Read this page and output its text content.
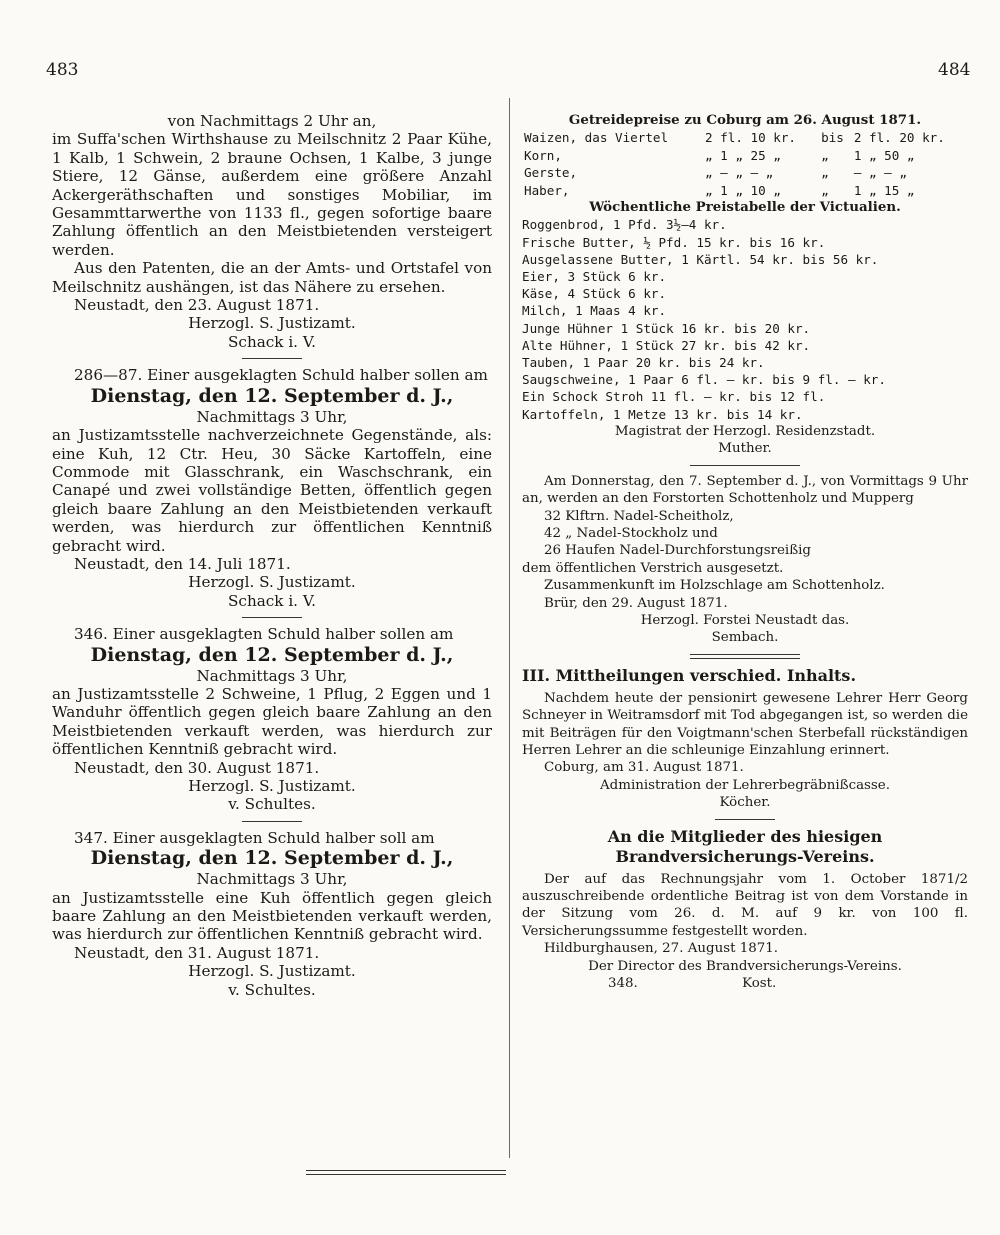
483	484

von Nachmittags 2 Uhr an,

im Suffa'schen Wirthshause zu Meilschnitz 2 Paar Kühe, 1 Kalb, 1 Schwein, 2 braune Ochsen, 1 Kalbe, 3 junge Stiere, 12 Gänse, außerdem eine größere Anzahl Ackergeräthschaften und sonstiges Mobiliar, im Gesammttarwerthe von 1133 fl., gegen sofortige baare Zahlung öffentlich an den Meistbietenden versteigert werden.

Aus den Patenten, die an der Amts- und Ortstafel von Meilschnitz aushängen, ist das Nähere zu ersehen.

Neustadt, den 23. August 1871.

Herzogl. S. Justizamt.

Schack i. V.

286—87. Einer ausgeklagten Schuld halber sollen am

Dienstag, den 12. September d. J.,

Nachmittags 3 Uhr,

an Justizamtsstelle nachverzeichnete Gegenstände, als: eine Kuh, 12 Ctr. Heu, 30 Säcke Kartoffeln, eine Commode mit Glasschrank, ein Waschschrank, ein Canapé und zwei vollständige Betten, öffentlich gegen gleich baare Zahlung an den Meistbietenden verkauft werden, was hierdurch zur öffentlichen Kenntniß gebracht wird.

Neustadt, den 14. Juli 1871.

Herzogl. S. Justizamt.

Schack i. V.

346. Einer ausgeklagten Schuld halber sollen am

Dienstag, den 12. September d. J.,

Nachmittags 3 Uhr,

an Justizamtsstelle 2 Schweine, 1 Pflug, 2 Eggen und 1 Wanduhr öffentlich gegen gleich baare Zahlung an den Meistbietenden verkauft werden, was hierdurch zur öffentlichen Kenntniß gebracht wird.

Neustadt, den 30. August 1871.

Herzogl. S. Justizamt.

v. Schultes.

347. Einer ausgeklagten Schuld halber soll am

Dienstag, den 12. September d. J.,

Nachmittags 3 Uhr,

an Justizamtsstelle eine Kuh öffentlich gegen gleich baare Zahlung an den Meistbietenden verkauft werden, was hierdurch zur öffentlichen Kenntniß gebracht wird.

Neustadt, den 31. August 1871.

Herzogl. S. Justizamt.

v. Schultes.

Getreidepreise zu Coburg am 26. August 1871.

Waizen, das Viertel	2 fl. 10 kr.	bis	2 fl. 20 kr.
Korn,	„ 1 „ 25 „	„	1 „ 50 „
Gerste,	„ — „ — „	„	— „ — „
Haber,	„ 1 „ 10 „	„	1 „ 15 „

Wöchentliche Preistabelle der Victualien.

Roggenbrod, 1 Pfd. 3½—4 kr.

Frische Butter, ½ Pfd. 15 kr. bis 16 kr.

Ausgelassene Butter, 1 Kärtl. 54 kr. bis 56 kr.

Eier, 3 Stück 6 kr.

Käse, 4 Stück 6 kr.

Milch, 1 Maas 4 kr.

Junge Hühner 1 Stück 16 kr. bis 20 kr.

Alte Hühner, 1 Stück 27 kr. bis 42 kr.

Tauben, 1 Paar 20 kr. bis 24 kr.

Saugschweine, 1 Paar 6 fl. — kr. bis 9 fl. — kr.

Ein Schock Stroh 11 fl. — kr. bis 12 fl.

Kartoffeln, 1 Metze 13 kr. bis 14 kr.

Magistrat der Herzogl. Residenzstadt.

Muther.

Am Donnerstag, den 7. September d. J., von Vormittags 9 Uhr an, werden an den Forstorten Schottenholz und Mupperg

32 Klftrn. Nadel-Scheitholz,

42 „ Nadel-Stockholz und

26 Haufen Nadel-Durchforstungsreißig

dem öffentlichen Verstrich ausgesetzt.

Zusammenkunft im Holzschlage am Schottenholz.

Brür, den 29. August 1871.

Herzogl. Forstei Neustadt das.

Sembach.

III. Mittheilungen verschied. Inhalts.

Nachdem heute der pensionirt gewesene Lehrer Herr Georg Schneyer in Weitramsdorf mit Tod abgegangen ist, so werden die mit Beiträgen für den Voigtmann'schen Sterbefall rückständigen Herren Lehrer an die schleunige Einzahlung erinnert.

Coburg, am 31. August 1871.

Administration der Lehrerbegräbnißcasse.

Köcher.

An die Mitglieder des hiesigen Brandversicherungs-Vereins.

Der auf das Rechnungsjahr vom 1. October 1871/2 auszuschreibende ordentliche Beitrag ist von dem Vorstande in der Sitzung vom 26. d. M. auf 9 kr. von 100 fl. Versicherungssumme festgestellt worden.

Hildburghausen, 27. August 1871.

Der Director des Brandversicherungs-Vereins.

348.	Kost.
